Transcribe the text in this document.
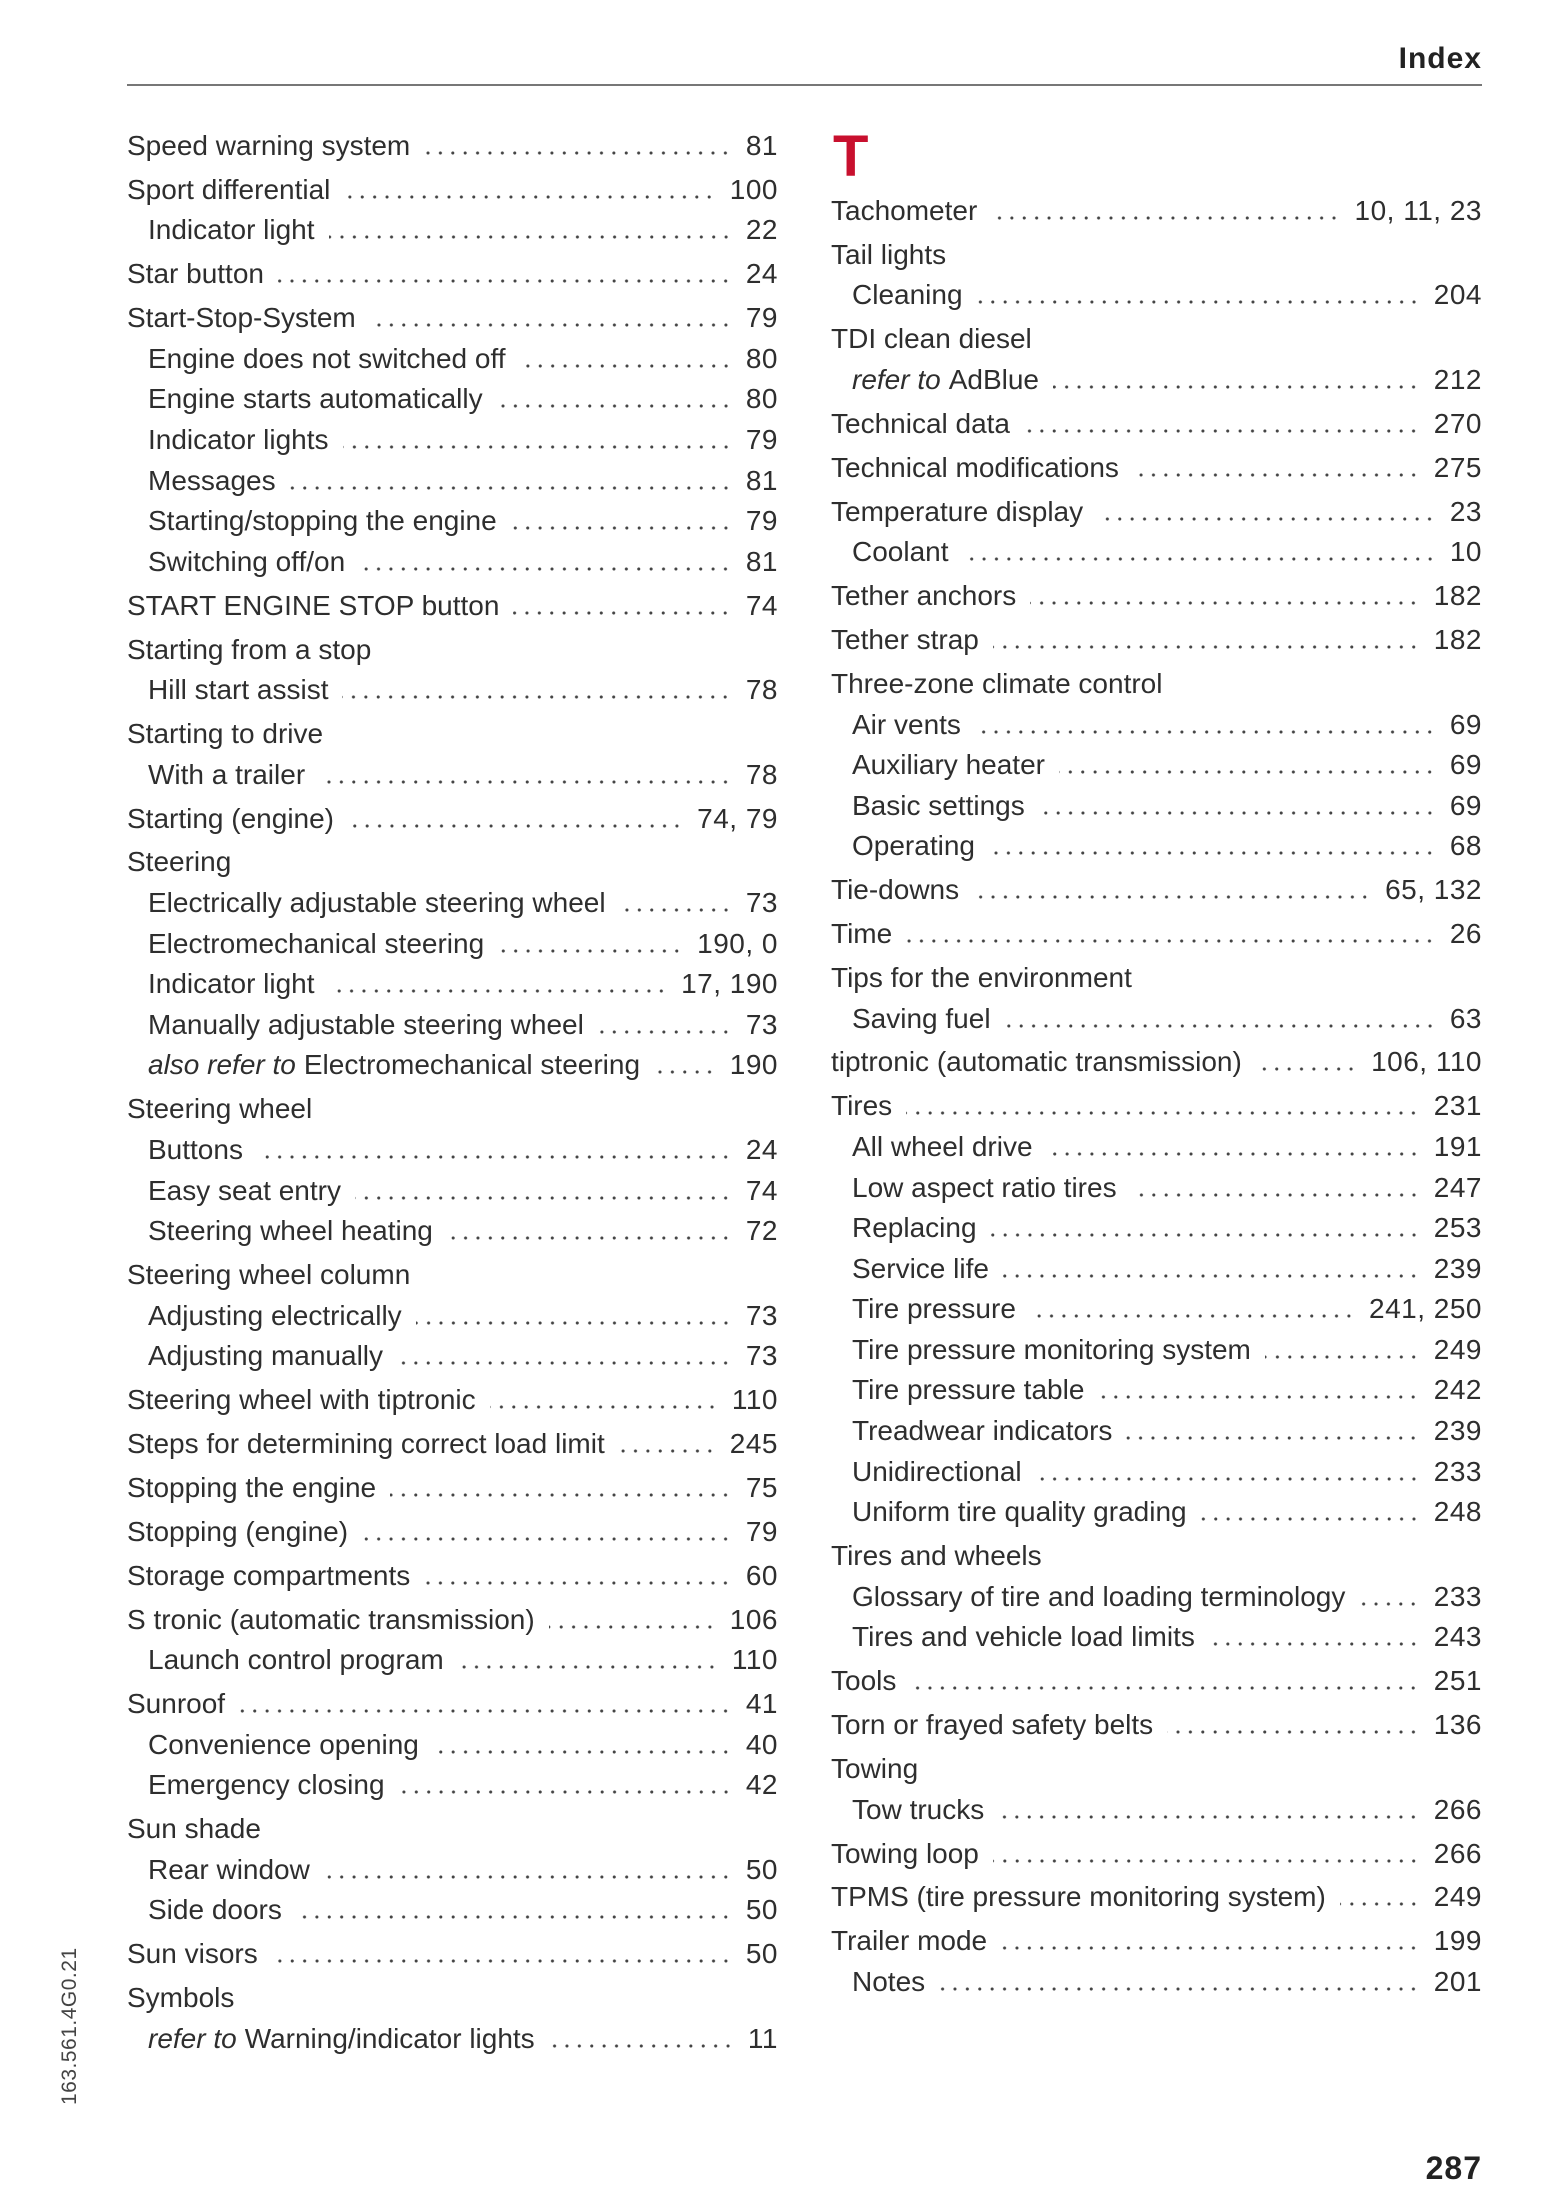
Index
Speed warning system	81
Sport differential	100
Indicator light	22
Star button	24
Start-Stop-System	79
Engine does not switched off	80
Engine starts automatically	80
Indicator lights	79
Messages	81
Starting/stopping the engine	79
Switching off/on	81
START ENGINE STOP button	74
Starting from a stop
Hill start assist	78
Starting to drive
With a trailer	78
Starting (engine)	74, 79
Steering
Electrically adjustable steering wheel	73
Electromechanical steering	190, 0
Indicator light	17, 190
Manually adjustable steering wheel	73
also refer to Electromechanical steering	190
Steering wheel
Buttons	24
Easy seat entry	74
Steering wheel heating	72
Steering wheel column
Adjusting electrically	73
Adjusting manually	73
Steering wheel with tiptronic	110
Steps for determining correct load limit	245
Stopping the engine	75
Stopping (engine)	79
Storage compartments	60
S tronic (automatic transmission)	106
Launch control program	110
Sunroof	41
Convenience opening	40
Emergency closing	42
Sun shade
Rear window	50
Side doors	50
Sun visors	50
Symbols
refer to Warning/indicator lights	11
T
Tachometer	10, 11, 23
Tail lights
Cleaning	204
TDI clean diesel
refer to AdBlue	212
Technical data	270
Technical modifications	275
Temperature display	23
Coolant	10
Tether anchors	182
Tether strap	182
Three-zone climate control
Air vents	69
Auxiliary heater	69
Basic settings	69
Operating	68
Tie-downs	65, 132
Time	26
Tips for the environment
Saving fuel	63
tiptronic (automatic transmission)	106, 110
Tires	231
All wheel drive	191
Low aspect ratio tires	247
Replacing	253
Service life	239
Tire pressure	241, 250
Tire pressure monitoring system	249
Tire pressure table	242
Treadwear indicators	239
Unidirectional	233
Uniform tire quality grading	248
Tires and wheels
Glossary of tire and loading terminology	233
Tires and vehicle load limits	243
Tools	251
Torn or frayed safety belts	136
Towing
Tow trucks	266
Towing loop	266
TPMS (tire pressure monitoring system)	249
Trailer mode	199
Notes	201
163.561.4G0.21
287
